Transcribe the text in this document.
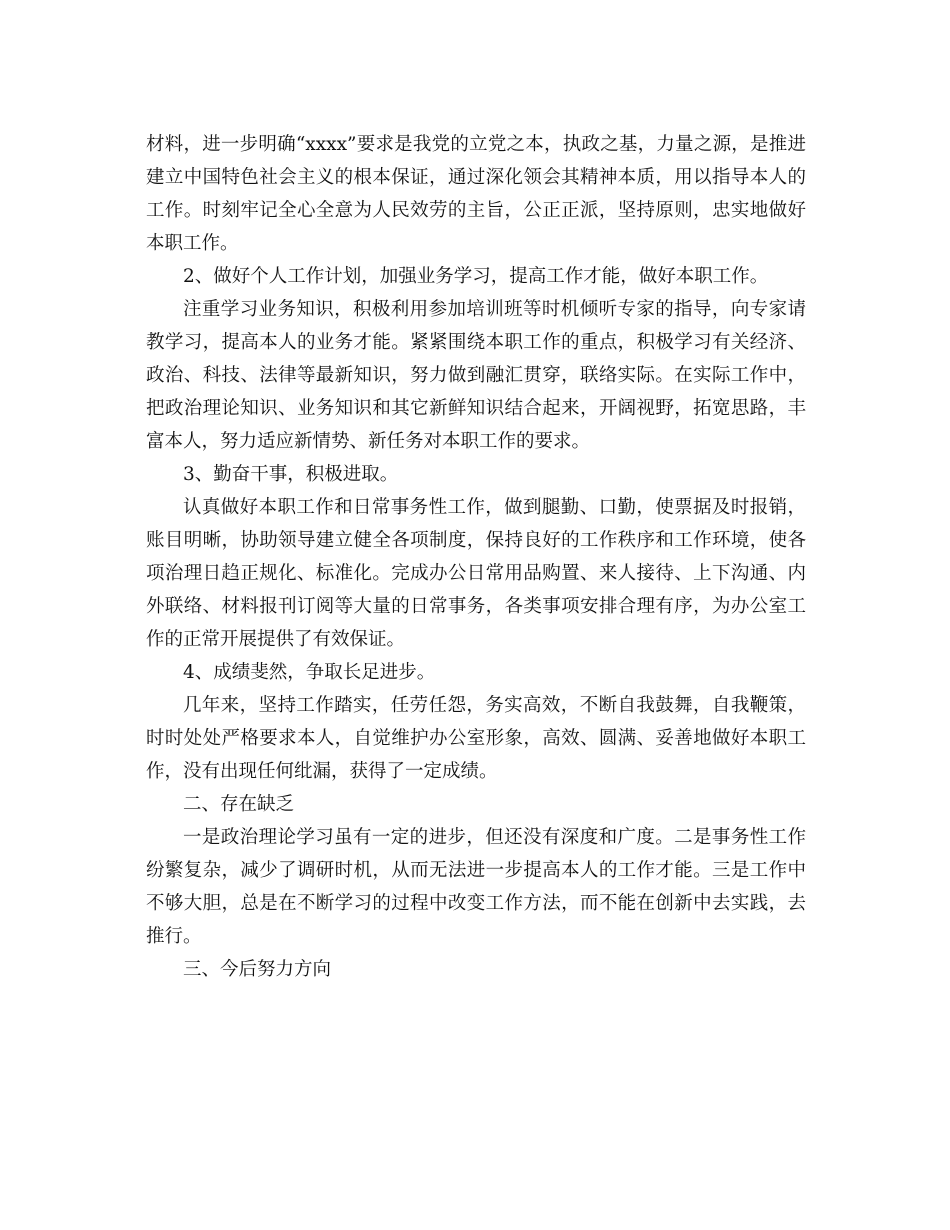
材料，进一步明确“xxxx”要求是我党的立党之本，执政之基，力量之源，是推进建立中国特色社会主义的根本保证，通过深化领会其精神本质，用以指导本人的工作。时刻牢记全心全意为人民效劳的主旨，公正正派，坚持原则，忠实地做好本职工作。

2、做好个人工作计划，加强业务学习，提高工作才能，做好本职工作。

注重学习业务知识，积极利用参加培训班等时机倾听专家的指导，向专家请教学习，提高本人的业务才能。紧紧围绕本职工作的重点，积极学习有关经济、政治、科技、法律等最新知识，努力做到融汇贯穿，联络实际。在实际工作中，把政治理论知识、业务知识和其它新鲜知识结合起来，开阔视野，拓宽思路，丰富本人，努力适应新情势、新任务对本职工作的要求。

3、勤奋干事，积极进取。

认真做好本职工作和日常事务性工作，做到腿勤、口勤，使票据及时报销，账目明晰，协助领导建立健全各项制度，保持良好的工作秩序和工作环境，使各项治理日趋正规化、标准化。完成办公日常用品购置、来人接待、上下沟通、内外联络、材料报刊订阅等大量的日常事务，各类事项安排合理有序，为办公室工作的正常开展提供了有效保证。

4、成绩斐然，争取长足进步。

几年来，坚持工作踏实，任劳任怨，务实高效，不断自我鼓舞，自我鞭策，时时处处严格要求本人，自觉维护办公室形象，高效、圆满、妥善地做好本职工作，没有出现任何纰漏，获得了一定成绩。

二、存在缺乏

一是政治理论学习虽有一定的进步，但还没有深度和广度。二是事务性工作纷繁复杂，减少了调研时机，从而无法进一步提高本人的工作才能。三是工作中不够大胆，总是在不断学习的过程中改变工作方法，而不能在创新中去实践，去推行。

三、今后努力方向
